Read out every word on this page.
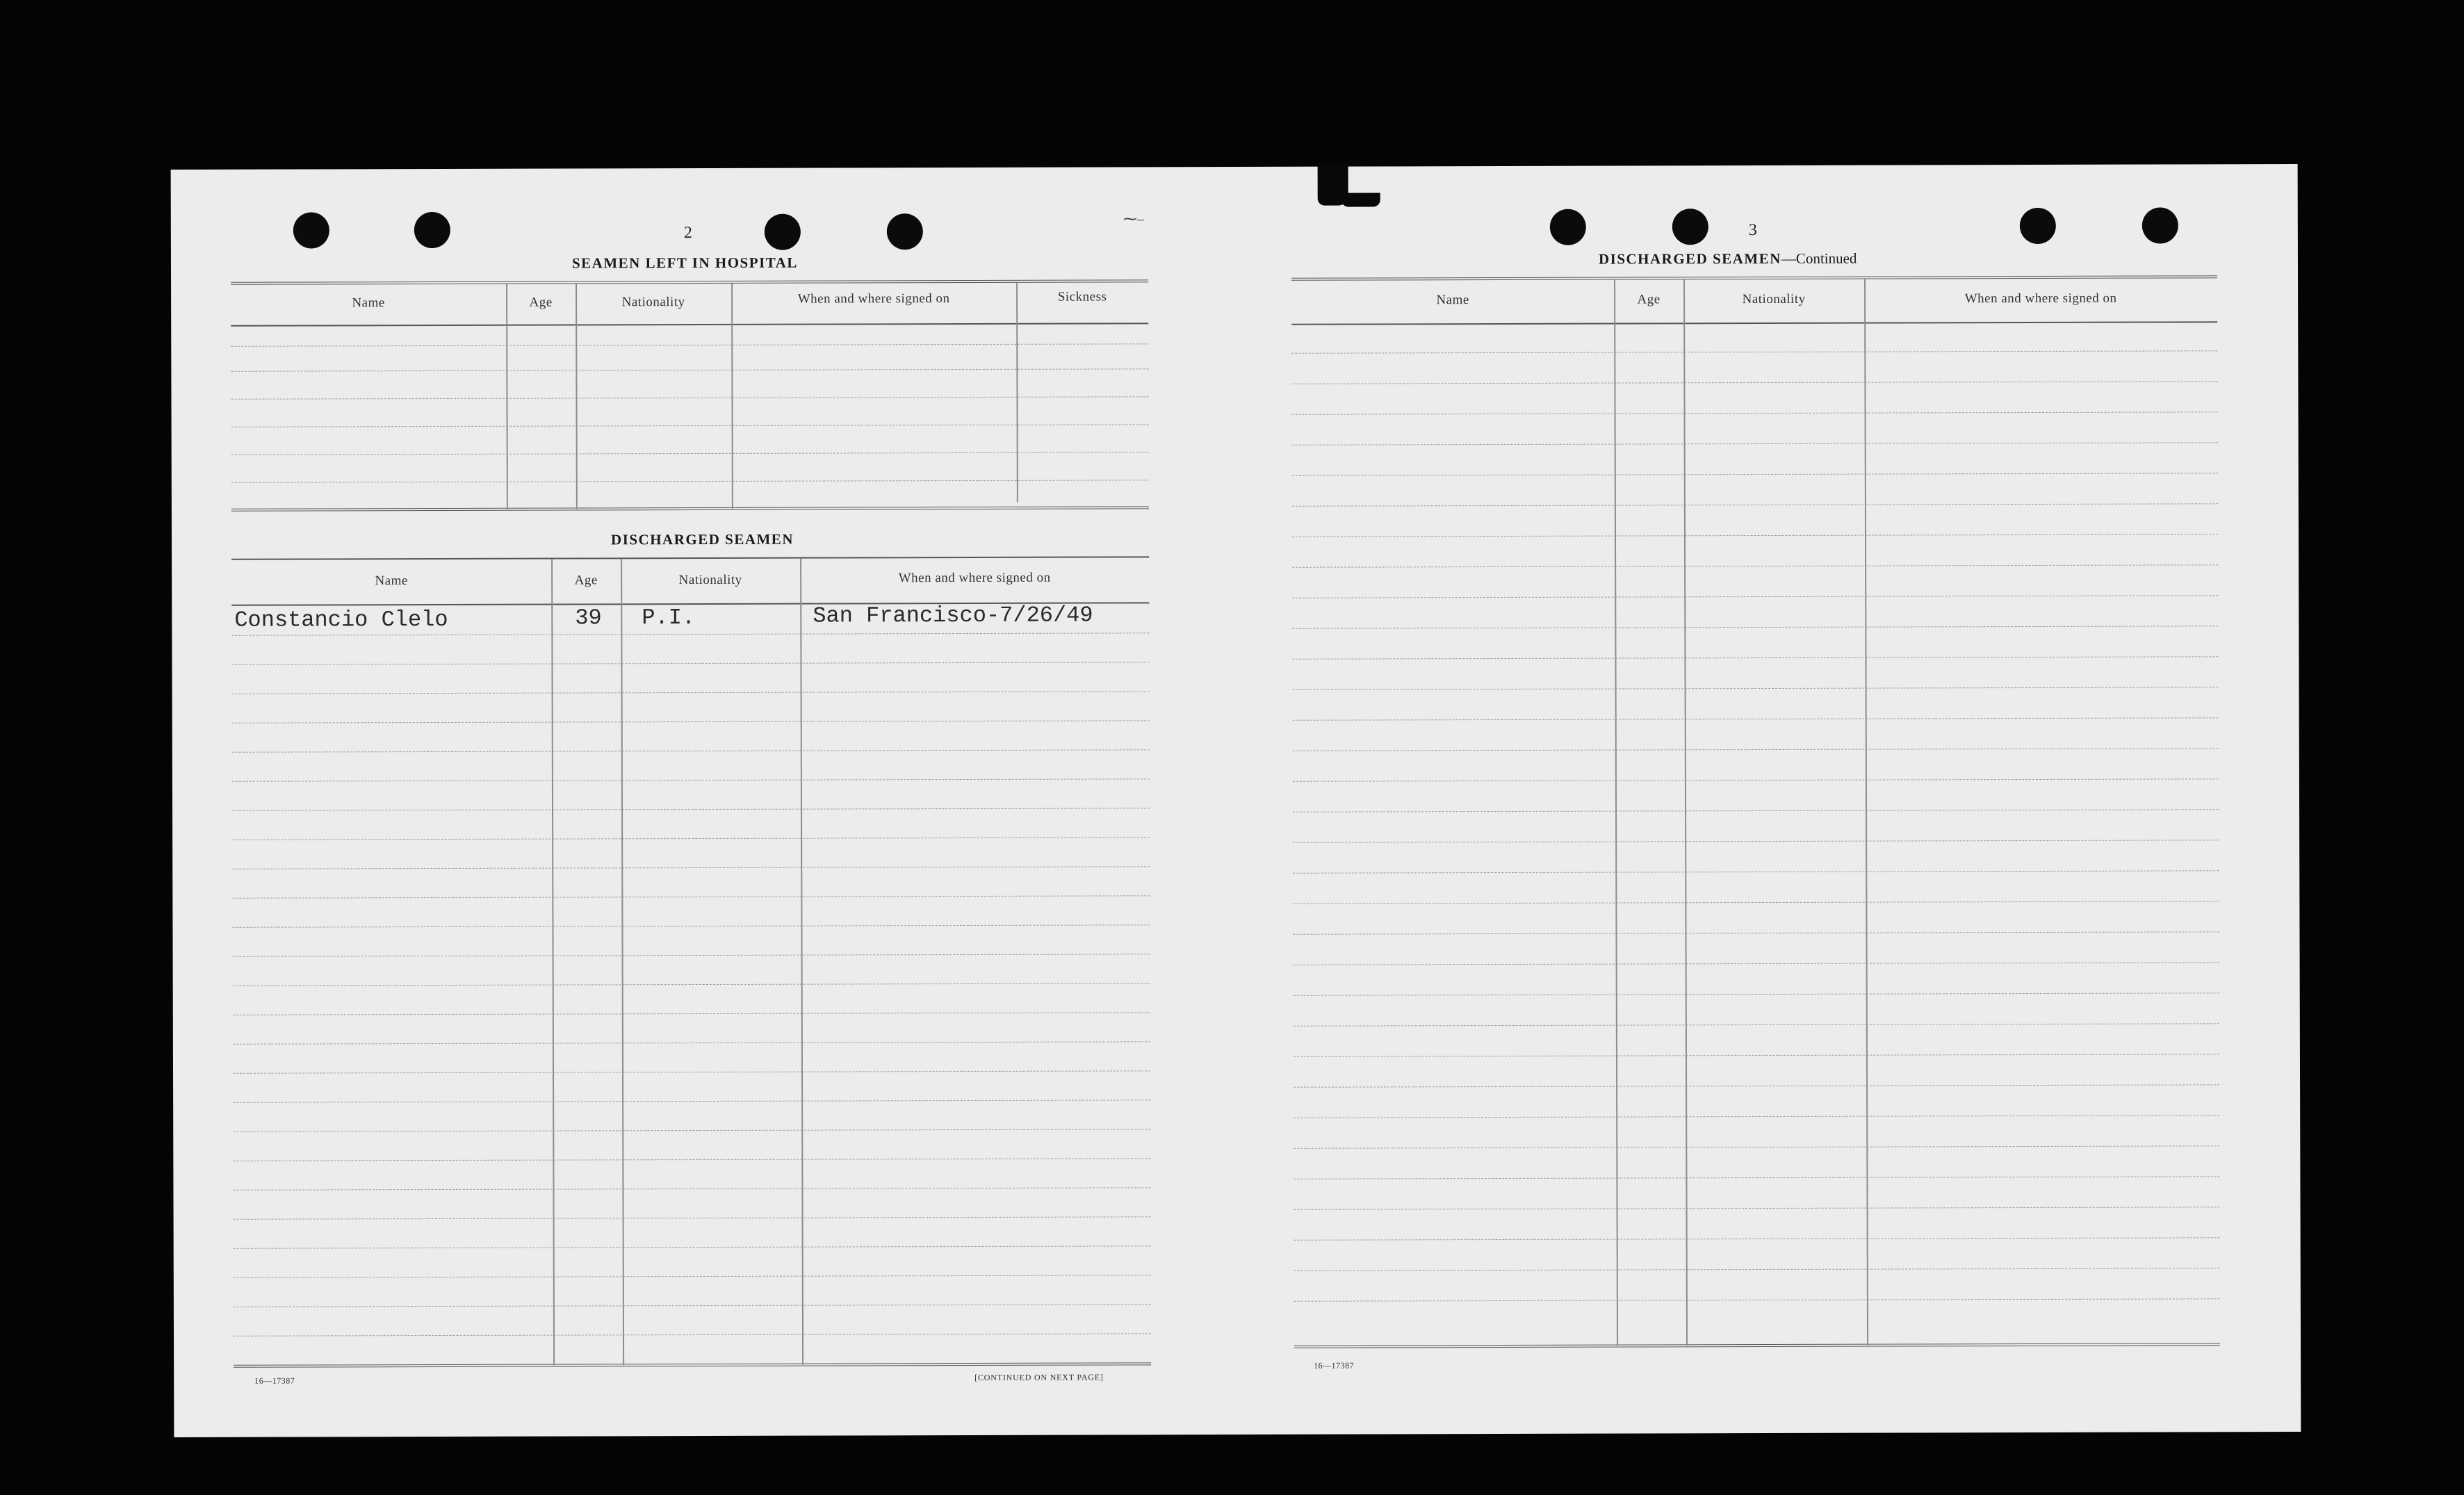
⁓–
2
SEAMEN LEFT IN HOSPITAL
Name	Age	Nationality	When and where signed on	Sickness
DISCHARGED SEAMEN
Name	Age	Nationality	When and where signed on
Constancio Clelo	39 P.I.	San Francisco-7/26/49
16—17387	[CONTINUED ON NEXT PAGE]
3
DISCHARGED SEAMEN—Continued
Name	Age	Nationality	When and where signed on
16—17387
